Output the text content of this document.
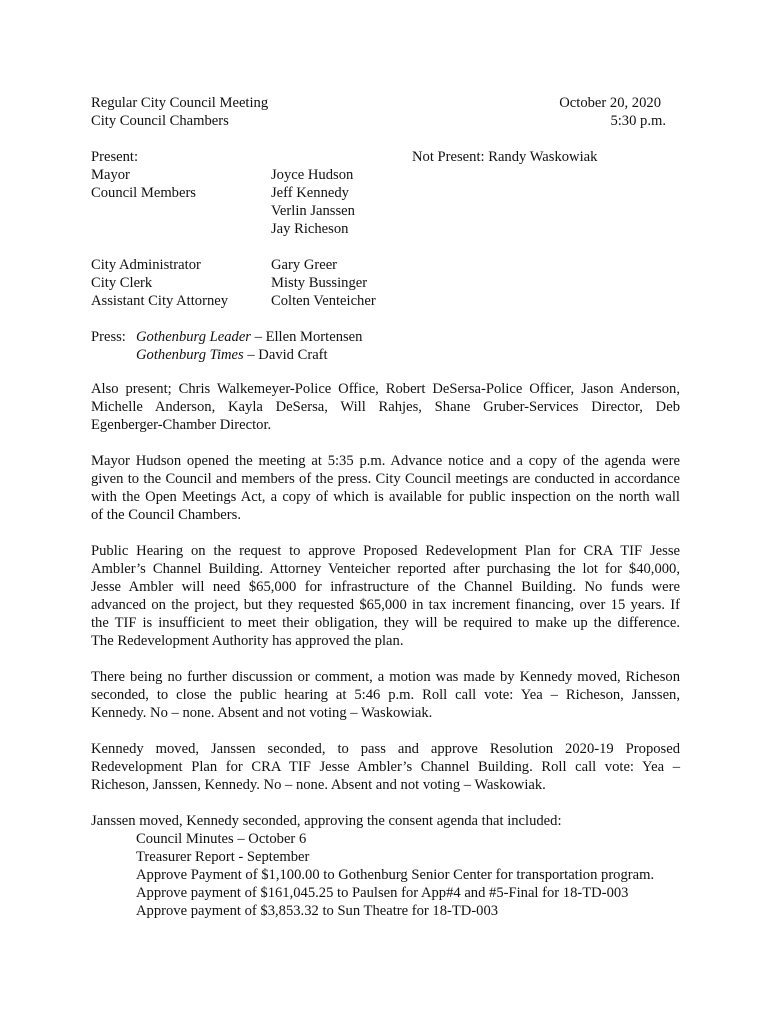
Regular City Council Meeting
City Council Chambers
October 20, 2020
5:30 p.m.
Present:	Not Present: Randy Waskowiak
Mayor	Joyce Hudson
Council Members	Jeff Kennedy
Verlin Janssen
Jay Richeson
City Administrator	Gary Greer
City Clerk	Misty Bussinger
Assistant City Attorney	Colten Venteicher
Press: Gothenburg Leader – Ellen Mortensen
Gothenburg Times – David Craft
Also present; Chris Walkemeyer-Police Office, Robert DeSersa-Police Officer, Jason Anderson,
Michelle Anderson, Kayla DeSersa, Will Rahjes, Shane Gruber-Services Director, Deb
Egenberger-Chamber Director.
Mayor Hudson opened the meeting at 5:35 p.m. Advance notice and a copy of the agenda were
given to the Council and members of the press. City Council meetings are conducted in accordance
with the Open Meetings Act, a copy of which is available for public inspection on the north wall
of the Council Chambers.
Public Hearing on the request to approve Proposed Redevelopment Plan for CRA TIF Jesse
Ambler’s Channel Building. Attorney Venteicher reported after purchasing the lot for $40,000,
Jesse Ambler will need $65,000 for infrastructure of the Channel Building. No funds were
advanced on the project, but they requested $65,000 in tax increment financing, over 15 years. If
the TIF is insufficient to meet their obligation, they will be required to make up the difference.
The Redevelopment Authority has approved the plan.
There being no further discussion or comment, a motion was made by Kennedy moved, Richeson
seconded, to close the public hearing at 5:46 p.m. Roll call vote: Yea – Richeson, Janssen,
Kennedy. No – none. Absent and not voting – Waskowiak.
Kennedy moved, Janssen seconded, to pass and approve Resolution 2020-19 Proposed
Redevelopment Plan for CRA TIF Jesse Ambler’s Channel Building. Roll call vote: Yea –
Richeson, Janssen, Kennedy. No – none. Absent and not voting – Waskowiak.
Janssen moved, Kennedy seconded, approving the consent agenda that included:
Council Minutes – October 6
Treasurer Report - September
Approve Payment of $1,100.00 to Gothenburg Senior Center for transportation program.
Approve payment of $161,045.25 to Paulsen for App#4 and #5-Final for 18-TD-003
Approve payment of $3,853.32 to Sun Theatre for 18-TD-003
